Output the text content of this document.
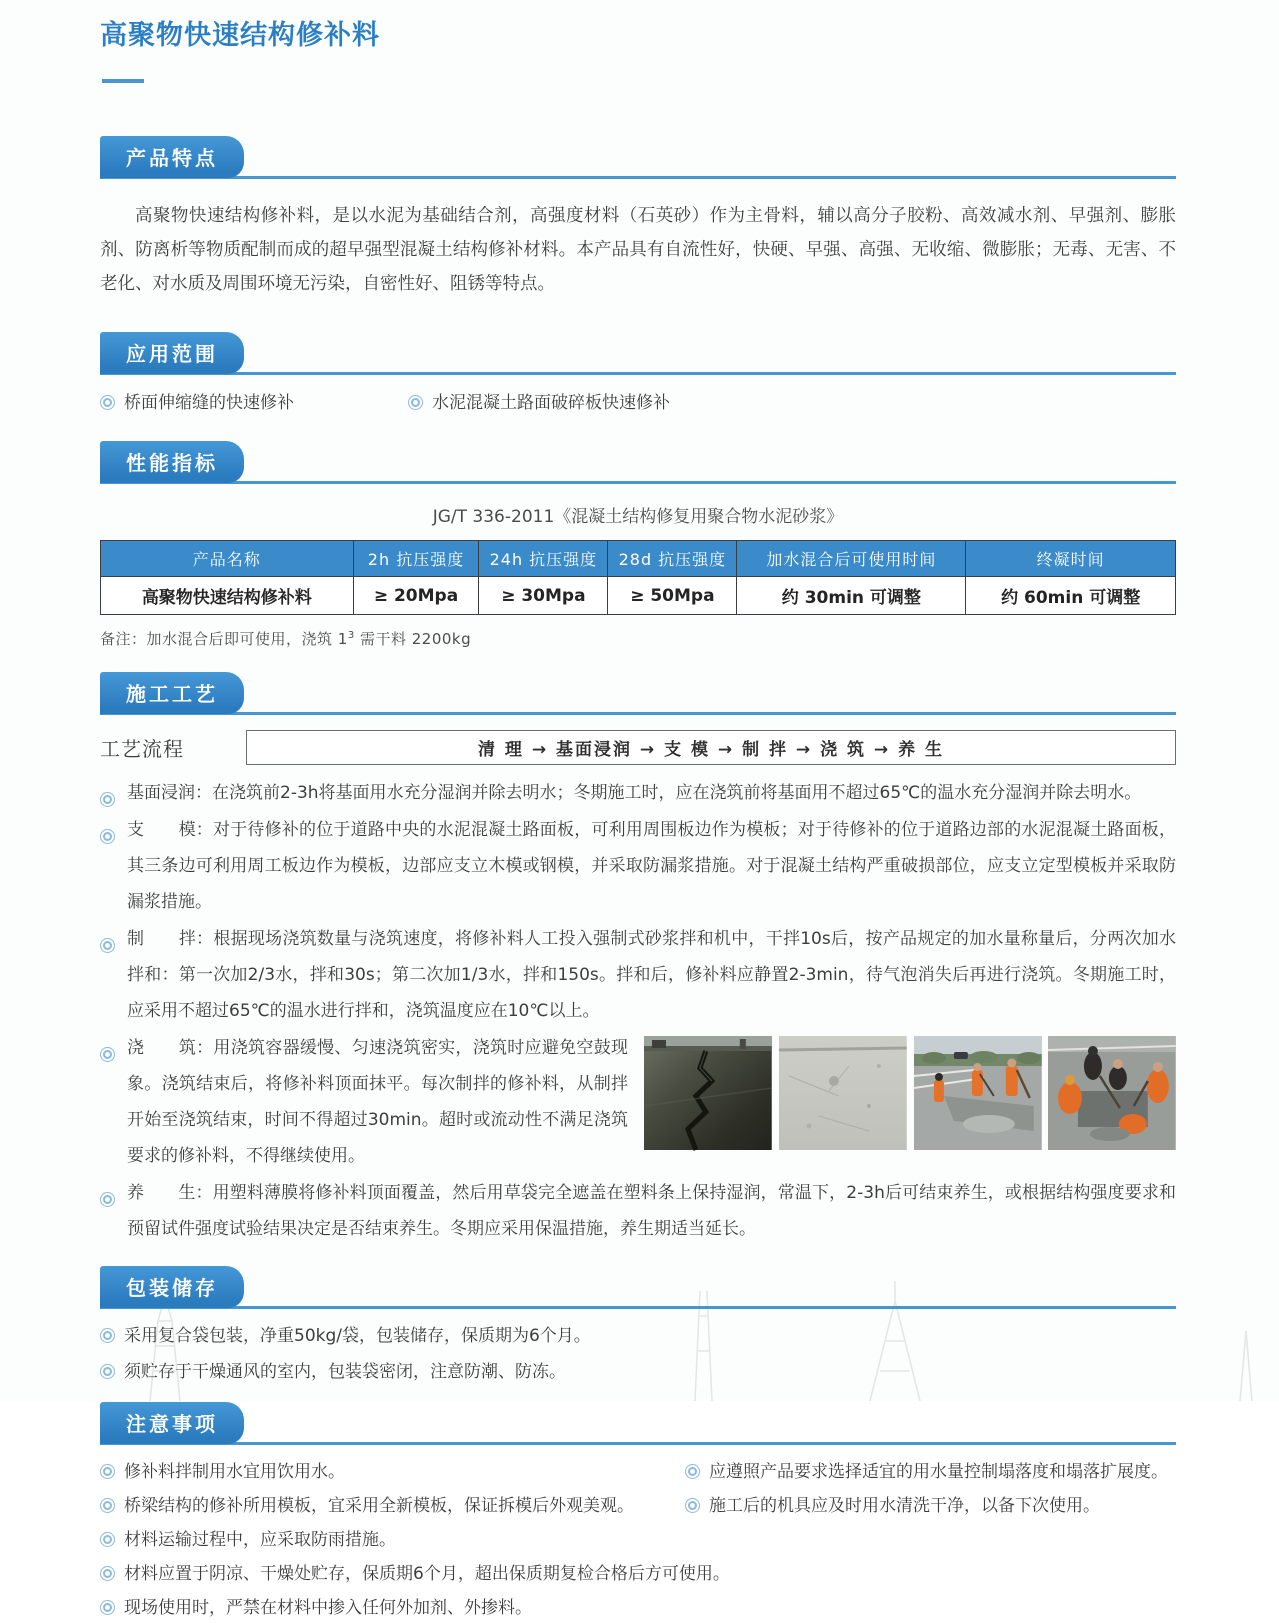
高聚物快速结构修补料
产品特点

高聚物快速结构修补料，是以水泥为基础结合剂，高强度材料（石英砂）作为主骨料，辅以高分子胶粉、高效减水剂、早强剂、膨胀剂、防离析等物质配制而成的超早强型混凝土结构修补材料。本产品具有自流性好，快硬、早强、高强、无收缩、微膨胀；无毒、无害、不老化、对水质及周围环境无污染，自密性好、阻锈等特点。

应用范围
桥面伸缩缝的快速修补	水泥混凝土路面破碎板快速修补
性能指标
JG/T 336-2011《混凝土结构修复用聚合物水泥砂浆》
产品名称	2h 抗压强度	24h 抗压强度	28d 抗压强度	加水混合后可使用时间	终凝时间
高聚物快速结构修补料	≥ 20Mpa	≥ 30Mpa	≥ 50Mpa	约 30min 可调整	约 60min 可调整
备注：加水混合后即可使用，浇筑 $1^3$ 需干料 2200kg
施工工艺
工艺流程	清 理 → 基面浸润 → 支 模 → 制 拌 → 浇 筑 → 养 生
基面浸润：在浇筑前2-3h将基面用水充分湿润并除去明水；冬期施工时，应在浇筑前将基面用不超过65℃的温水充分湿润并除去明水。
支　　模：对于待修补的位于道路中央的水泥混凝土路面板，可利用周围板边作为模板；对于待修补的位于道路边部的水泥混凝土路面板，其三条边可利用周工板边作为模板，边部应支立木模或钢模，并采取防漏浆措施。对于混凝土结构严重破损部位，应支立定型模板并采取防漏浆措施。
制　　拌：根据现场浇筑数量与浇筑速度，将修补料人工投入强制式砂浆拌和机中，干拌10s后，按产品规定的加水量称量后，分两次加水拌和：第一次加2/3水，拌和30s；第二次加1/3水，拌和150s。拌和后，修补料应静置2-3min，待气泡消失后再进行浇筑。冬期施工时，应采用不超过65℃的温水进行拌和，浇筑温度应在10℃以上。
浇　　筑：用浇筑容器缓慢、匀速浇筑密实，浇筑时应避免空鼓现象。浇筑结束后，将修补料顶面抹平。每次制拌的修补料，从制拌开始至浇筑结束，时间不得超过30min。超时或流动性不满足浇筑要求的修补料，不得继续使用。
养　　生：用塑料薄膜将修补料顶面覆盖，然后用草袋完全遮盖在塑料条上保持湿润，常温下，2-3h后可结束养生，或根据结构强度要求和预留试件强度试验结果决定是否结束养生。冬期应采用保温措施，养生期适当延长。
包装储存
采用复合袋包装，净重50kg/袋，包装储存，保质期为6个月。
须贮存于干燥通风的室内，包装袋密闭，注意防潮、防冻。
注意事项
修补料拌制用水宜用饮用水。	应遵照产品要求选择适宜的用水量控制塌落度和塌落扩展度。
桥梁结构的修补所用模板，宜采用全新模板，保证拆模后外观美观。	施工后的机具应及时用水清洗干净，以备下次使用。
材料运输过程中，应采取防雨措施。
材料应置于阴凉、干燥处贮存，保质期6个月，超出保质期复检合格后方可使用。
现场使用时，严禁在材料中掺入任何外加剂、外掺料。
